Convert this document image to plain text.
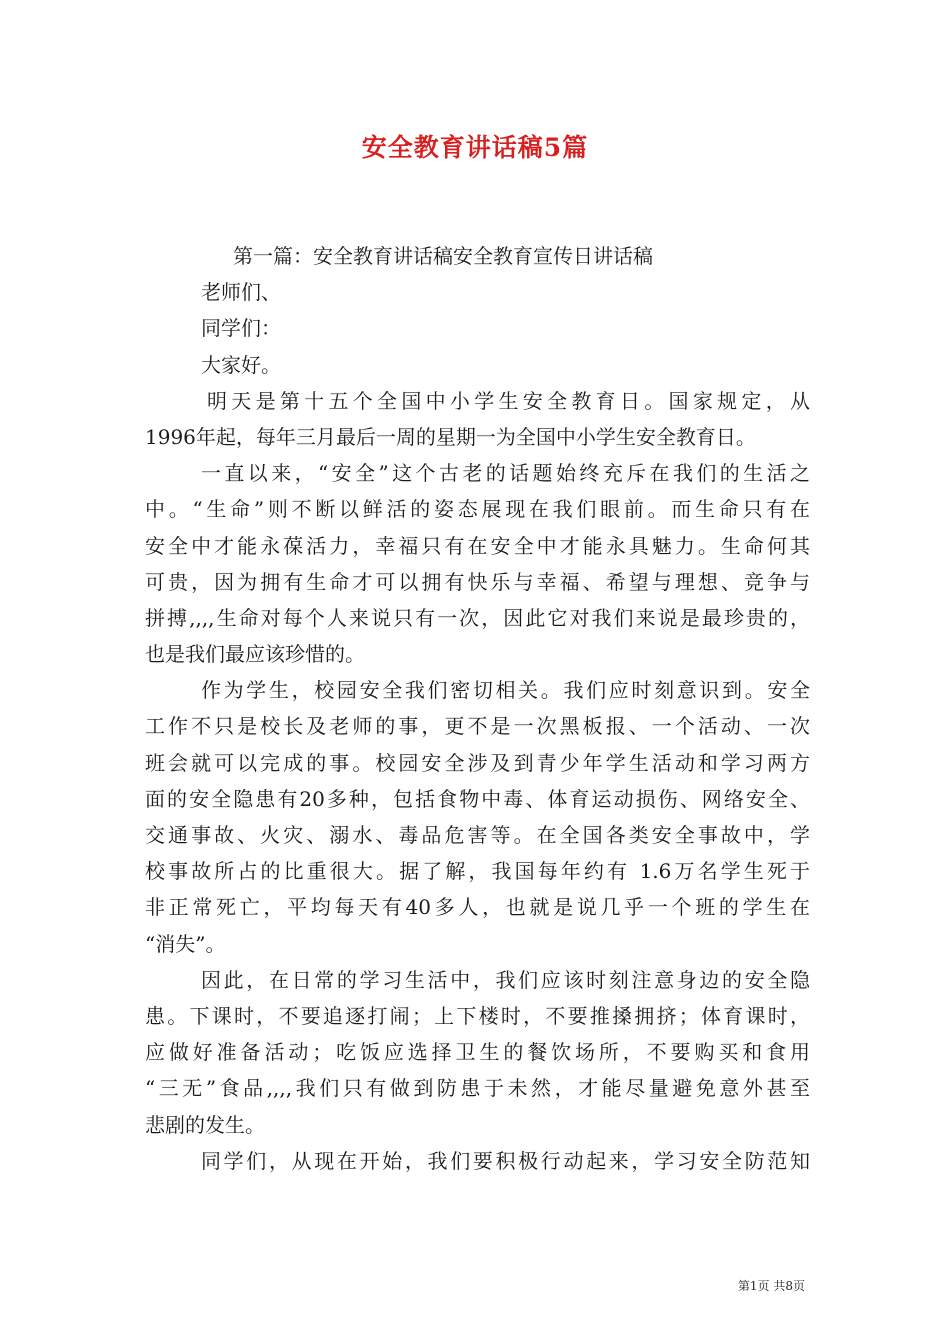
安全教育讲话稿5篇
第一篇：安全教育讲话稿安全教育宣传日讲话稿
老师们、
同学们：
大家好。
明天是第十五个全国中小学生安全教育日。国家规定，从
1996年起，每年三月最后一周的星期一为全国中小学生安全教育日。
一直以来，“安全”这个古老的话题始终充斥在我们的生活之
中。“生命”则不断以鲜活的姿态展现在我们眼前。而生命只有在
安全中才能永葆活力，幸福只有在安全中才能永具魅力。生命何其
可贵，因为拥有生命才可以拥有快乐与幸福、希望与理想、竞争与
拼搏,,,,生命对每个人来说只有一次，因此它对我们来说是最珍贵的，
也是我们最应该珍惜的。
作为学生，校园安全我们密切相关。我们应时刻意识到。安全
工作不只是校长及老师的事，更不是一次黑板报、一个活动、一次
班会就可以完成的事。校园安全涉及到青少年学生活动和学习两方
面的安全隐患有20多种，包括食物中毒、体育运动损伤、网络安全、
交通事故、火灾、溺水、毒品危害等。在全国各类安全事故中，学
校事故所占的比重很大。据了解，我国每年约有 1.6万名学生死于
非正常死亡，平均每天有40多人，也就是说几乎一个班的学生在
“消失”。
因此，在日常的学习生活中，我们应该时刻注意身边的安全隐
患。下课时，不要追逐打闹；上下楼时，不要推搡拥挤；体育课时，
应做好准备活动；吃饭应选择卫生的餐饮场所，不要购买和食用
“三无”食品,,,,我们只有做到防患于未然，才能尽量避免意外甚至
悲剧的发生。
同学们，从现在开始，我们要积极行动起来，学习安全防范知
第1页 共8页
